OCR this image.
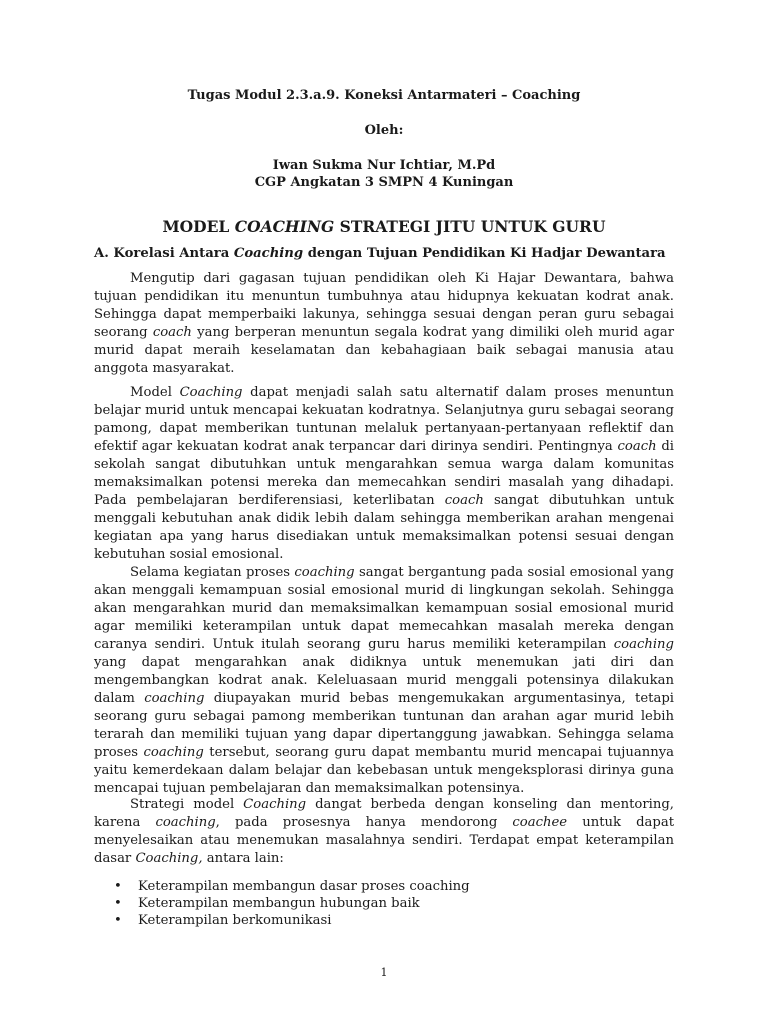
Tugas Modul 2.3.a.9. Koneksi Antarmateri – Coaching
Oleh:
Iwan Sukma Nur Ichtiar, M.Pd
CGP Angkatan 3 SMPN 4 Kuningan
MODEL COACHING STRATEGI JITU UNTUK GURU
A. Korelasi Antara Coaching dengan Tujuan Pendidikan Ki Hadjar Dewantara

Mengutip dari gagasan tujuan pendidikan oleh Ki Hajar Dewantara, bahwa tujuan pendidikan itu menuntun tumbuhnya atau hidupnya kekuatan kodrat anak. Sehingga dapat memperbaiki lakunya, sehingga sesuai dengan peran guru sebagai seorang coach yang berperan menuntun segala kodrat yang dimiliki oleh murid agar murid dapat meraih keselamatan dan kebahagiaan baik sebagai manusia atau anggota masyarakat.

Model Coaching dapat menjadi salah satu alternatif dalam proses menuntun belajar murid untuk mencapai kekuatan kodratnya. Selanjutnya guru sebagai seorang pamong, dapat memberikan tuntunan melaluk pertanyaan-pertanyaan reflektif dan efektif agar kekuatan kodrat anak terpancar dari dirinya sendiri. Pentingnya coach di sekolah sangat dibutuhkan untuk mengarahkan semua warga dalam komunitas memaksimalkan potensi mereka dan memecahkan sendiri masalah yang dihadapi. Pada pembelajaran berdiferensiasi, keterlibatan coach sangat dibutuhkan untuk menggali kebutuhan anak didik lebih dalam sehingga memberikan arahan mengenai kegiatan apa yang harus disediakan untuk memaksimalkan potensi sesuai dengan kebutuhan sosial emosional.

Selama kegiatan proses coaching sangat bergantung pada sosial emosional yang akan menggali kemampuan sosial emosional murid di lingkungan sekolah. Sehingga akan mengarahkan murid dan memaksimalkan kemampuan sosial emosional murid agar memiliki keterampilan untuk dapat memecahkan masalah mereka dengan caranya sendiri. Untuk itulah seorang guru harus memiliki keterampilan coaching yang dapat mengarahkan anak didiknya untuk menemukan jati diri dan mengembangkan kodrat anak. Keleluasaan murid menggali potensinya dilakukan dalam coaching diupayakan murid bebas mengemukakan argumentasinya, tetapi seorang guru sebagai pamong memberikan tuntunan dan arahan agar murid lebih terarah dan memiliki tujuan yang dapar dipertanggung jawabkan. Sehingga selama proses coaching tersebut, seorang guru dapat membantu murid mencapai tujuannya yaitu kemerdekaan dalam belajar dan kebebasan untuk mengeksplorasi dirinya guna mencapai tujuan pembelajaran dan memaksimalkan potensinya.

Strategi model Coaching dangat berbeda dengan konseling dan mentoring, karena coaching, pada prosesnya hanya mendorong coachee untuk dapat menyelesaikan atau menemukan masalahnya sendiri. Terdapat empat keterampilan dasar Coaching, antara lain:

• Keterampilan membangun dasar proses coaching
• Keterampilan membangun hubungan baik
• Keterampilan berkomunikasi
1
